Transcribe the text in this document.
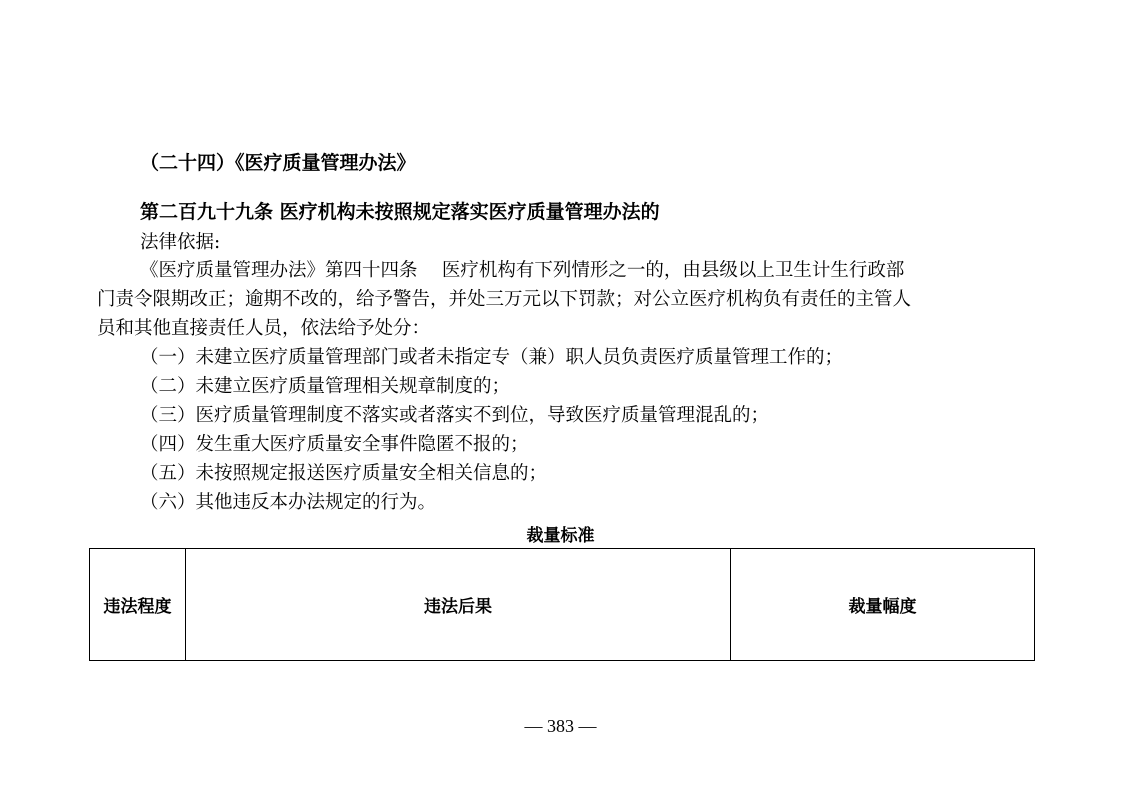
（二十四）《医疗质量管理办法》
第二百九十九条 医疗机构未按照规定落实医疗质量管理办法的
法律依据:
《医疗质量管理办法》第四十四条　 医疗机构有下列情形之一的，由县级以上卫生计生行政部
门责令限期改正；逾期不改的，给予警告，并处三万元以下罚款；对公立医疗机构负有责任的主管人
员和其他直接责任人员，依法给予处分：
（一）未建立医疗质量管理部门或者未指定专（兼）职人员负责医疗质量管理工作的；
（二）未建立医疗质量管理相关规章制度的；
（三）医疗质量管理制度不落实或者落实不到位，导致医疗质量管理混乱的；
（四）发生重大医疗质量安全事件隐匿不报的；
（五）未按照规定报送医疗质量安全相关信息的；
（六）其他违反本办法规定的行为。
裁量标准
违法程度	违法后果	裁量幅度
— 383 —
